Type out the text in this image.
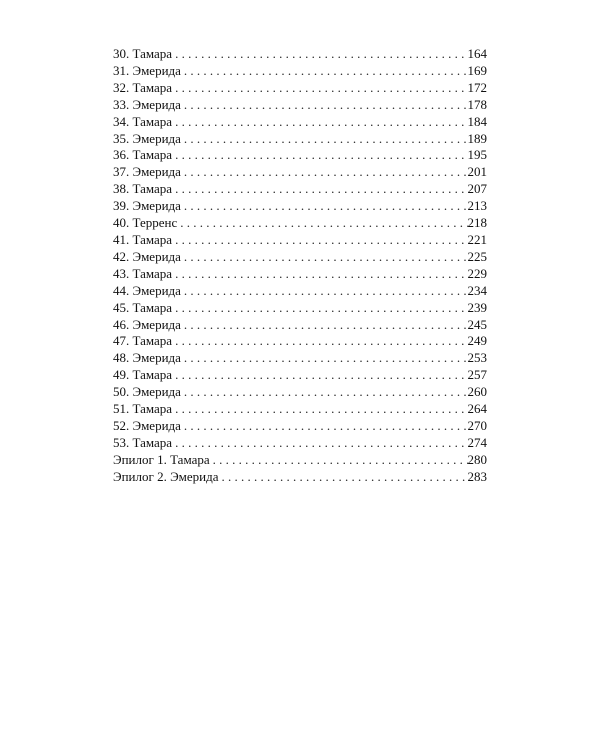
30. Тамара . . .	164
31. Эмерида . . .	169
32. Тамара . . .	172
33. Эмерида . . .	178
34. Тамара . . .	184
35. Эмерида . . .	189
36. Тамара . . .	195
37. Эмерида . . .	201
38. Тамара . . .	207
39. Эмерида . . .	213
40. Терренс . . .	218
41. Тамара . . .	221
42. Эмерида . . .	225
43. Тамара . . .	229
44. Эмерида . . .	234
45. Тамара . . .	239
46. Эмерида . . .	245
47. Тамара . . .	249
48. Эмерида . . .	253
49. Тамара . . .	257
50. Эмерида . . .	260
51. Тамара . . .	264
52. Эмерида . . .	270
53. Тамара . . .	274
Эпилог 1. Тамара . . .	280
Эпилог 2. Эмерида . . .	283
